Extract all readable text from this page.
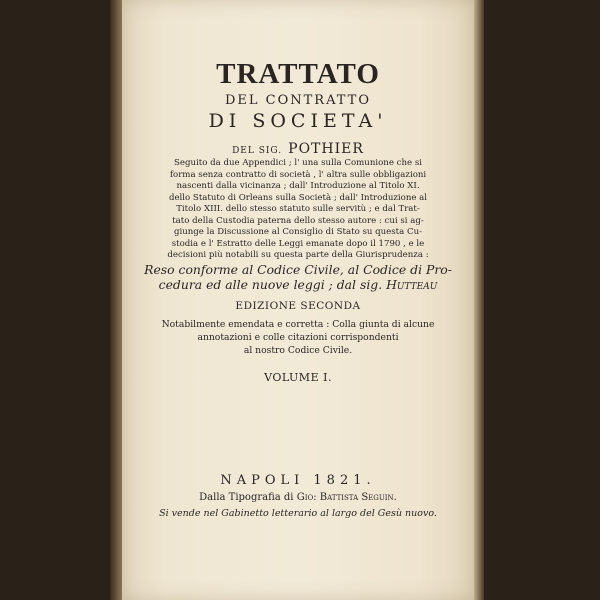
TRATTATO
DEL CONTRATTO
DI SOCIETA'
DEL SIG. POTHIER
Seguito da due Appendici ; l' una sulla Comunione che si
forma senza contratto di società , l' altra sulle obbligazioni
nascenti dalla vicinanza ; dall' Introduzione al Titolo XI.
dello Statuto di Orleans sulla Società ; dall' Introduzione al
Titolo XIII. dello stesso statuto sulle servitù ; e dal Trat-
tato della Custodia paterna dello stesso autore : cui si ag-
giunge la Discussione al Consiglio di Stato su questa Cu-
stodia e l' Estratto delle Leggi emanate dopo il 1790 , e le
decisioni più notabili su questa parte della Giurisprudenza :
Reso conforme al Codice Civile, al Codice di Pro-
cedura ed alle nuove leggi ; dal sig. Hutteau
EDIZIONE SECONDA
Notabilmente emendata e corretta : Colla giunta di alcune
annotazioni e colle citazioni corrispondenti
al nostro Codice Civile.
VOLUME I.
NAPOLI 1821.
Dalla Tipografia di Gio: Battista Seguin.
Si vende nel Gabinetto letterario al largo del Gesù nuovo.
